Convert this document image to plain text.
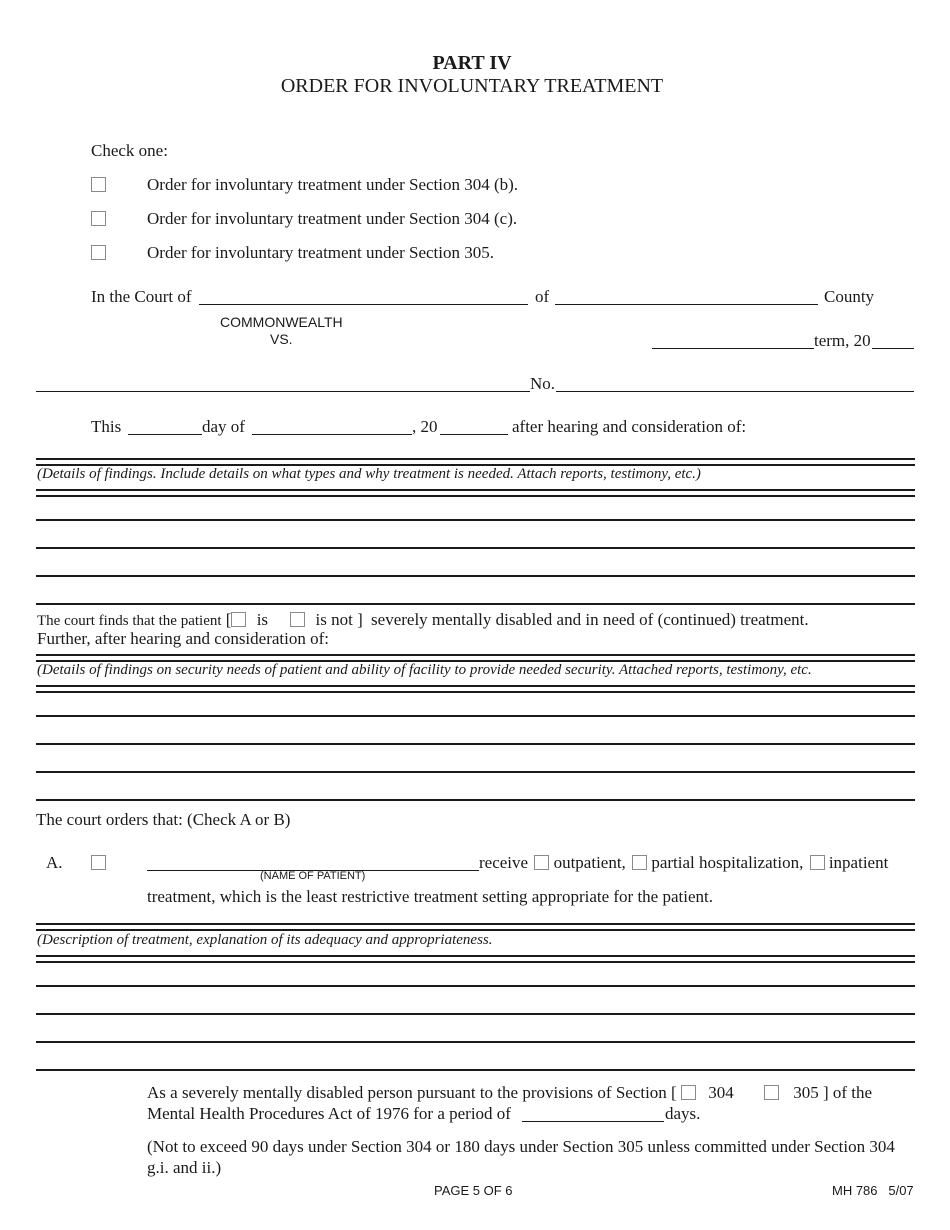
PART IV
ORDER FOR INVOLUNTARY TREATMENT
Check one:
Order for involuntary treatment under Section 304 (b).
Order for involuntary treatment under Section 304 (c).
Order for involuntary treatment under Section 305.
In the Court of	of	County
COMMONWEALTH
VS.	term, 20
No.
This	day of	, 20	after hearing and consideration of:
(Details of findings. Include details on what types and why treatment is needed. Attach reports, testimony, etc.)
The court finds that the patient [ is	is not ] severely mentally disabled and in need of (continued) treatment.
Further, after hearing and consideration of:
(Details of findings on security needs of patient and ability of facility to provide needed security. Attached reports, testimony, etc.
The court orders that: (Check A or B)
A.
(NAME OF PATIENT)
receive outpatient, partial hospitalization, inpatient
treatment, which is the least restrictive treatment setting appropriate for the patient.
(Description of treatment, explanation of its adequacy and appropriateness.
As a severely mentally disabled person pursuant to the provisions of Section [ 304	305 ] of the
Mental Health Procedures Act of 1976 for a period of	days.
(Not to exceed 90 days under Section 304 or 180 days under Section 305 unless committed under Section 304 g.i. and ii.)
PAGE 5 OF 6	MH 786   5/07
